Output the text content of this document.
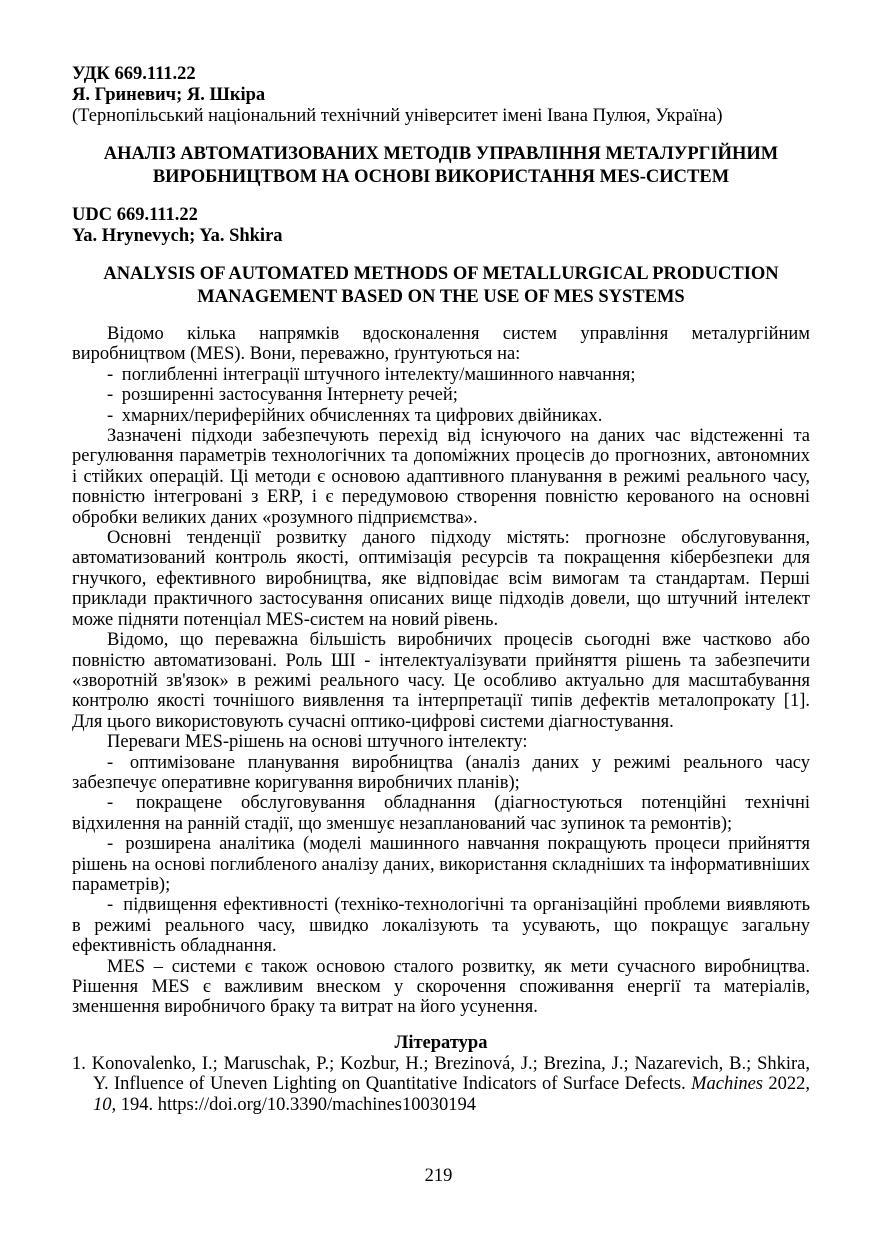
УДК 669.111.22
Я. Гриневич; Я. Шкіра
(Тернопільський національний технічний університет імені Івана Пулюя, Україна)
АНАЛІЗ АВТОМАТИЗОВАНИХ МЕТОДІВ УПРАВЛІННЯ МЕТАЛУРГІЙНИМ ВИРОБНИЦТВОМ НА ОСНОВІ ВИКОРИСТАННЯ MES-СИСТЕМ
UDC 669.111.22
Ya. Hrynevych; Ya. Shkira
ANALYSIS OF AUTOMATED METHODS OF METALLURGICAL PRODUCTION MANAGEMENT BASED ON THE USE OF MES SYSTEMS

Відомо кілька напрямків вдосконалення систем управління металургійним виробництвом (MES). Вони, переважно, ґрунтуються на:

- поглибленні інтеграції штучного інтелекту/машинного навчання;
- розширенні застосування Інтернету речей;
- хмарних/периферійних обчисленнях та цифрових двійниках.

Зазначені підходи забезпечують перехід від існуючого на даних час відстеженні та регулювання параметрів технологічних та допоміжних процесів до прогнозних, автономних і стійких операцій. Ці методи є основою адаптивного планування в режимі реального часу, повністю інтегровані з ERP, і є передумовою створення повністю керованого на основні обробки великих даних «розумного підприємства».

Основні тенденції розвитку даного підходу містять: прогнозне обслуговування, автоматизований контроль якості, оптимізація ресурсів та покращення кібербезпеки для гнучкого, ефективного виробництва, яке відповідає всім вимогам та стандартам. Перші приклади практичного застосування описаних вище підходів довели, що штучний інтелект може підняти потенціал MES-систем на новий рівень.

Відомо, що переважна більшість виробничих процесів сьогодні вже частково або повністю автоматизовані. Роль ШІ - інтелектуалізувати прийняття рішень та забезпечити «зворотній зв'язок» в режимі реального часу. Це особливо актуально для масштабування контролю якості точнішого виявлення та інтерпретації типів дефектів металопрокату [1]. Для цього використовують сучасні оптико-цифрові системи діагностування.

Переваги MES-рішень на основі штучного інтелекту:

- оптимізоване планування виробництва (аналіз даних у режимі реального часу забезпечує оперативне коригування виробничих планів);

- покращене обслуговування обладнання (діагностуються потенційні технічні відхилення на ранній стадії, що зменшує незапланований час зупинок та ремонтів);

- розширена аналітика (моделі машинного навчання покращують процеси прийняття рішень на основі поглибленого аналізу даних, використання складніших та інформативніших параметрів);

- підвищення ефективності (техніко-технологічні та організаційні проблеми виявляють в режимі реального часу, швидко локалізують та усувають, що покращує загальну ефективність обладнання.

MES – системи є також основою сталого розвитку, як мети сучасного виробництва. Рішення MES є важливим внеском у скорочення споживання енергії та матеріалів, зменшення виробничого браку та витрат на його усунення.

Література

1. Konovalenko, I.; Maruschak, P.; Kozbur, H.; Brezinová, J.; Brezina, J.; Nazarevich, B.; Shkira, Y. Influence of Uneven Lighting on Quantitative Indicators of Surface Defects. Machines 2022, 10, 194. https://doi.org/10.3390/machines10030194

219
